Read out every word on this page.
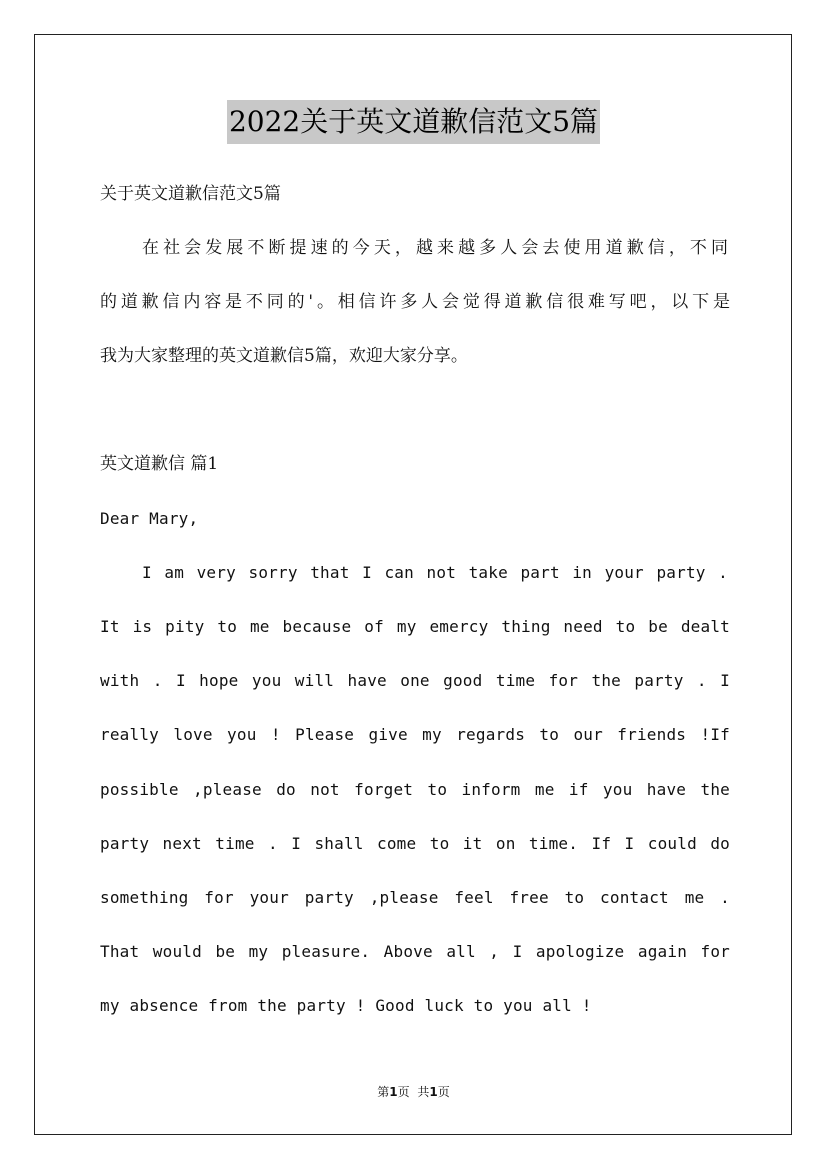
2022关于英文道歉信范文5篇
关于英文道歉信范文5篇
在社会发展不断提速的今天，越来越多人会去使用道歉信，不同
的道歉信内容是不同的'。相信许多人会觉得道歉信很难写吧，以下是
我为大家整理的英文道歉信5篇，欢迎大家分享。
英文道歉信 篇1
Dear Mary,
I am very sorry that I can not take part in your party .
It is pity to me because of my emercy thing need to be dealt
with . I hope you will have one good time for the party . I
really love you ! Please give my regards to our friends !If
possible ,please do not forget to inform me if you have the
party next time . I shall come to it on time. If I could do
something for your party ,please feel free to contact me .
That would be my pleasure. Above all , I apologize again for
my absence from the party ! Good luck to you all !
第1页 共1页
